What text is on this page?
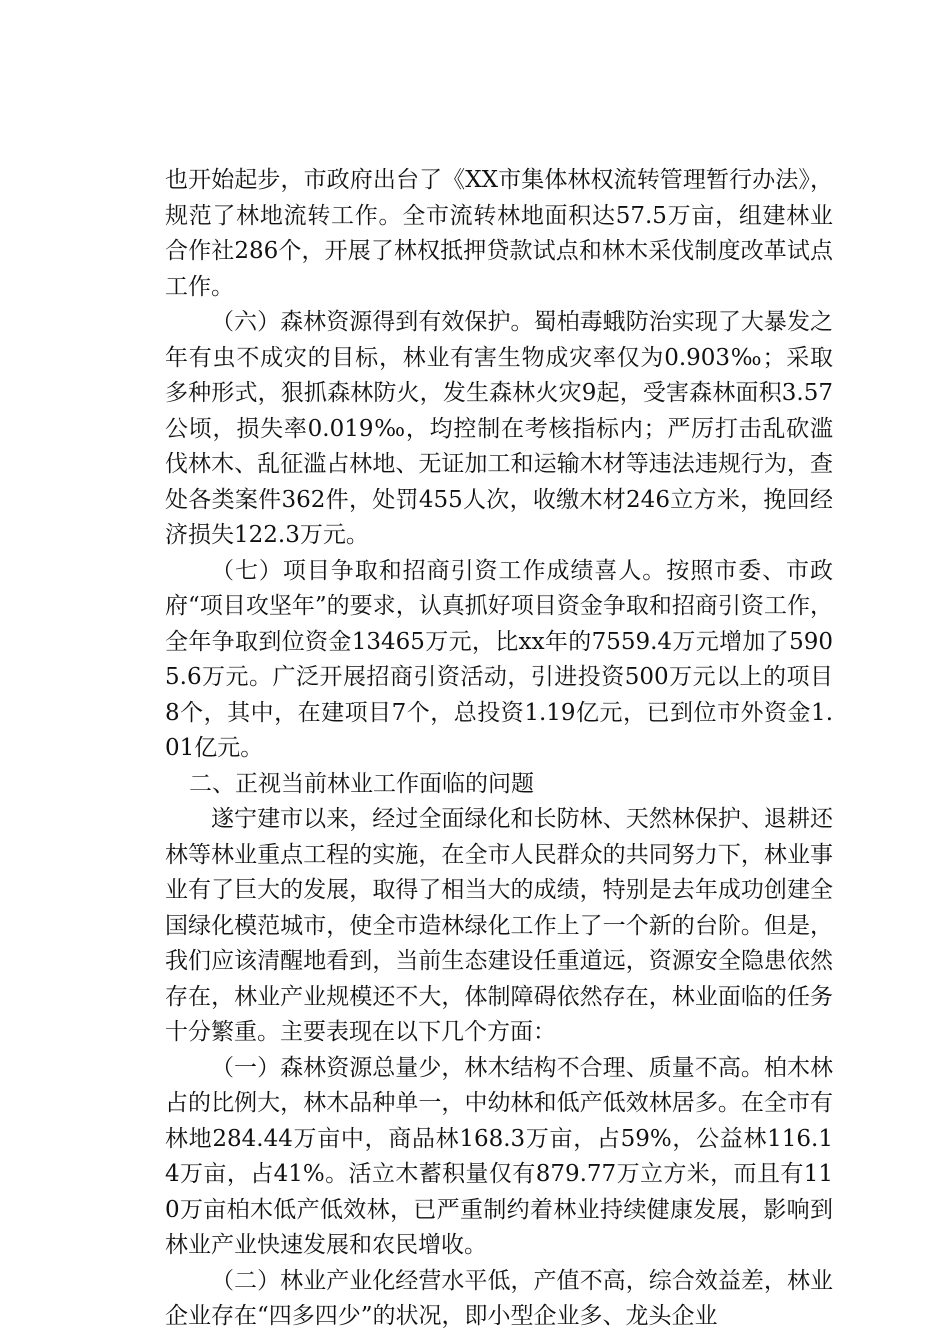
也开始起步，市政府出台了《XX市集体林权流转管理暂行办法》，规范了林地流转工作。全市流转林地面积达57.5万亩，组建林业合作社286个，开展了林权抵押贷款试点和林木采伐制度改革试点工作。

（六）森林资源得到有效保护。蜀柏毒蛾防治实现了大暴发之年有虫不成灾的目标，林业有害生物成灾率仅为0.903‰；采取多种形式，狠抓森林防火，发生森林火灾9起，受害森林面积3.57公顷，损失率0.019‰，均控制在考核指标内；严厉打击乱砍滥伐林木、乱征滥占林地、无证加工和运输木材等违法违规行为，查处各类案件362件，处罚455人次，收缴木材246立方米，挽回经济损失122.3万元。

（七）项目争取和招商引资工作成绩喜人。按照市委、市政府“项目攻坚年”的要求，认真抓好项目资金争取和招商引资工作，全年争取到位资金13465万元，比xx年的7559.4万元增加了5905.6万元。广泛开展招商引资活动，引进投资500万元以上的项目8个，其中，在建项目7个，总投资1.19亿元，已到位市外资金1.01亿元。

二、正视当前林业工作面临的问题

遂宁建市以来，经过全面绿化和长防林、天然林保护、退耕还林等林业重点工程的实施，在全市人民群众的共同努力下，林业事业有了巨大的发展，取得了相当大的成绩，特别是去年成功创建全国绿化模范城市，使全市造林绿化工作上了一个新的台阶。但是，我们应该清醒地看到，当前生态建设任重道远，资源安全隐患依然存在，林业产业规模还不大，体制障碍依然存在，林业面临的任务十分繁重。主要表现在以下几个方面：

（一）森林资源总量少，林木结构不合理、质量不高。柏木林占的比例大，林木品种单一，中幼林和低产低效林居多。在全市有林地284.44万亩中，商品林168.3万亩，占59%，公益林116.14万亩，占41%。活立木蓄积量仅有879.77万立方米，而且有110万亩柏木低产低效林，已严重制约着林业持续健康发展，影响到林业产业快速发展和农民增收。

（二）林业产业化经营水平低，产值不高，综合效益差，林业企业存在“四多四少”的状况，即小型企业多、龙头企业
